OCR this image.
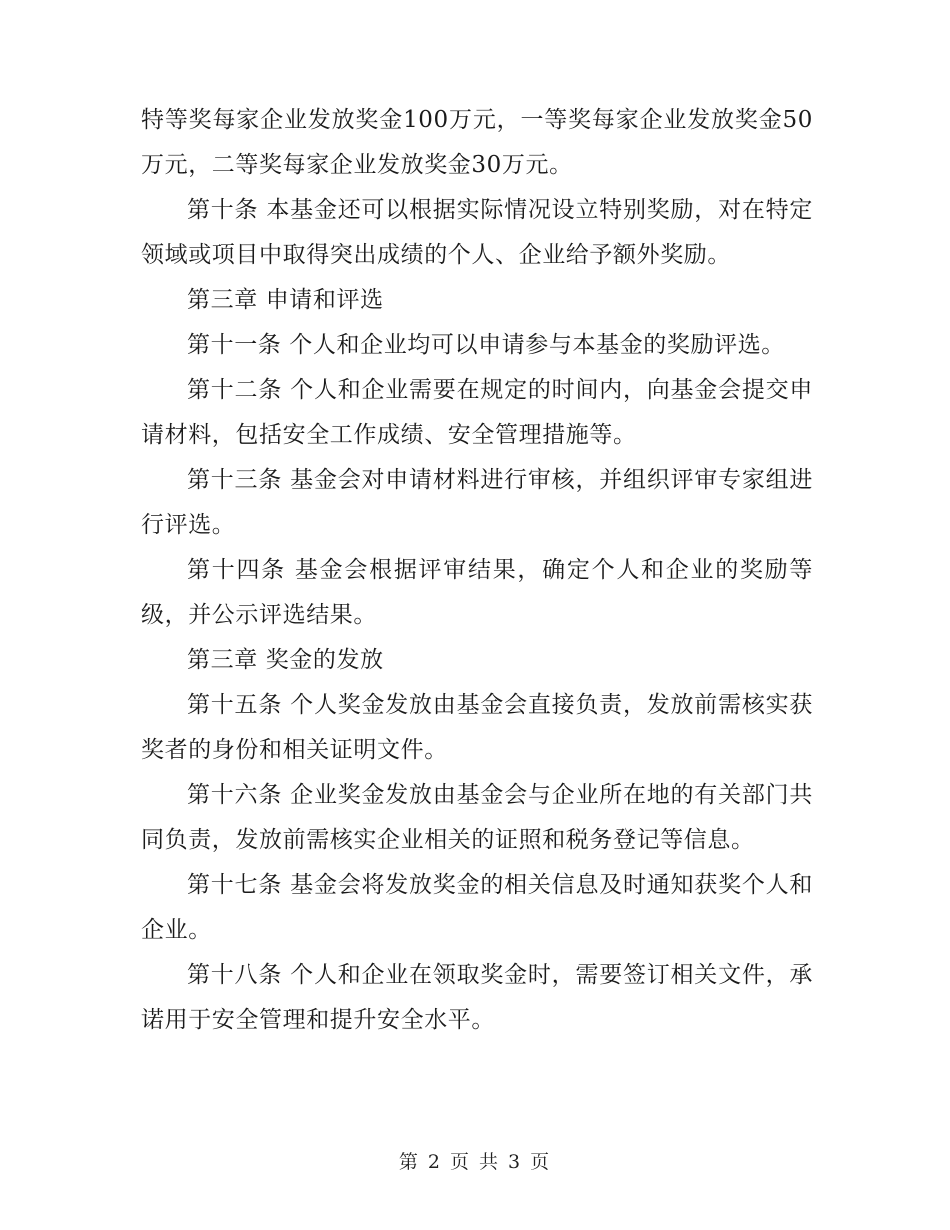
特等奖每家企业发放奖金100万元，一等奖每家企业发放奖金50万元，二等奖每家企业发放奖金30万元。

第十条 本基金还可以根据实际情况设立特别奖励，对在特定领域或项目中取得突出成绩的个人、企业给予额外奖励。

第三章 申请和评选

第十一条 个人和企业均可以申请参与本基金的奖励评选。

第十二条 个人和企业需要在规定的时间内，向基金会提交申请材料，包括安全工作成绩、安全管理措施等。

第十三条 基金会对申请材料进行审核，并组织评审专家组进行评选。

第十四条 基金会根据评审结果，确定个人和企业的奖励等级，并公示评选结果。

第三章 奖金的发放

第十五条 个人奖金发放由基金会直接负责，发放前需核实获奖者的身份和相关证明文件。

第十六条 企业奖金发放由基金会与企业所在地的有关部门共同负责，发放前需核实企业相关的证照和税务登记等信息。

第十七条 基金会将发放奖金的相关信息及时通知获奖个人和企业。

第十八条 个人和企业在领取奖金时，需要签订相关文件，承诺用于安全管理和提升安全水平。

第 2 页 共 3 页
